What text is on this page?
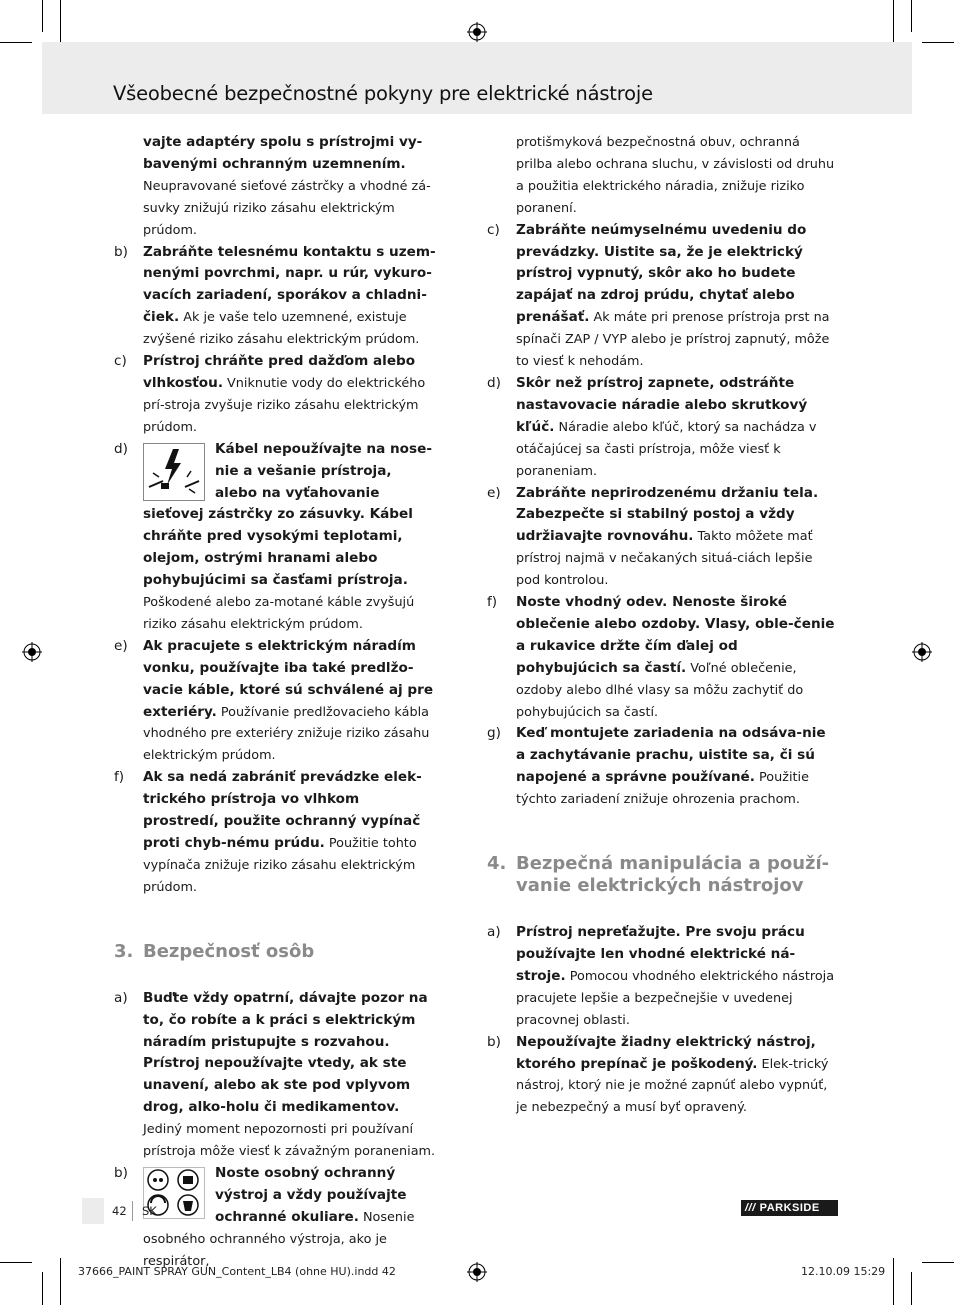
Všeobecné bezpečnostné pokyny pre elektrické nástroje
vajte adaptéry spolu s prístrojmi vy-bavenými ochranným uzemnením.
Neupravované sieťové zástrčky a vhodné zá-suvky znižujú riziko zásahu elektrickým prúdom.
b)	Zabráňte telesnému kontaktu s uzem-nenými povrchmi, napr. u rúr, vykuro-vacích zariadení, sporákov a chladni-čiek. Ak je vaše telo uzemnené, existuje zvýšené riziko zásahu elektrickým prúdom.
c)	Prístroj chráňte pred dažďom alebo vlhkosťou. Vniknutie vody do elektrického prí-stroja zvyšuje riziko zásahu elektrickým prúdom.
d)	Kábel nepoužívajte na nose-nie a vešanie prístroja, alebo na vyťahovanie sieťovej zástrčky zo zásuvky. Kábel chráňte pred vysokými teplotami, olejom, ostrými hranami alebo pohybujúcimi sa časťami prístroja. Poškodené alebo za-motané káble zvyšujú riziko zásahu elektrickým prúdom.
e)	Ak pracujete s elektrickým náradím vonku, používajte iba také predlžo-vacie káble, ktoré sú schválené aj pre exteriéry. Používanie predlžovacieho kábla vhodného pre exteriéry znižuje riziko zásahu elektrickým prúdom.
f)	Ak sa nedá zabrániť prevádzke elek-trického prístroja vo vlhkom prostredí, použite ochranný vypínač proti chyb-nému prúdu. Použitie tohto vypínača znižuje riziko zásahu elektrickým prúdom.
3. Bezpečnosť osôb
a)	Buďte vždy opatrní, dávajte pozor na to, čo robíte a k práci s elektrickým náradím pristupujte s rozvahou. Prístroj nepoužívajte vtedy, ak ste unavení, alebo ak ste pod vplyvom drog, alko-holu či medikamentov. Jediný moment nepozornosti pri používaní prístroja môže viesť k závažným poraneniam.
b)	Noste osobný ochranný výstroj a vždy používajte ochranné okuliare. Nosenie osobného ochranného výstroja, ako je respirátor,
protišmyková bezpečnostná obuv, ochranná prilba alebo ochrana sluchu, v závislosti od druhu a použitia elektrického náradia, znižuje riziko poranení.
c)	Zabráňte neúmyselnému uvedeniu do prevádzky. Uistite sa, že je elektrický prístroj vypnutý, skôr ako ho budete zapájať na zdroj prúdu, chytať alebo prenášať. Ak máte pri prenose prístroja prst na spínači ZAP / VYP alebo je prístroj zapnutý, môže to viesť k nehodám.
d)	Skôr než prístroj zapnete, odstráňte nastavovacie náradie alebo skrutkový kľúč. Náradie alebo kľúč, ktorý sa nachádza v otáčajúcej sa časti prístroja, môže viesť k poraneniam.
e)	Zabráňte neprirodzenému držaniu tela. Zabezpečte si stabilný postoj a vždy udržiavajte rovnováhu. Takto môžete mať prístroj najmä v nečakaných situá-ciách lepšie pod kontrolou.
f)	Noste vhodný odev. Nenoste široké oblečenie alebo ozdoby. Vlasy, oble-čenie a rukavice držte čím ďalej od pohybujúcich sa častí. Voľné oblečenie, ozdoby alebo dlhé vlasy sa môžu zachytiť do pohybujúcich sa častí.
g)	Keď montujete zariadenia na odsáva-nie a zachytávanie prachu, uistite sa, či sú napojené a správne používané. Použitie týchto zariadení znižuje ohrozenia prachom.
4. Bezpečná manipulácia a použí-vanie elektrických nástrojov
a)	Prístroj nepreťažujte. Pre svoju prácu používajte len vhodné elektrické ná-stroje. Pomocou vhodného elektrického nástroja pracujete lepšie a bezpečnejšie v uvedenej pracovnej oblasti.
b)	Nepoužívajte žiadny elektrický nástroj, ktorého prepínač je poškodený. Elek-trický nástroj, ktorý nie je možné zapnúť alebo vypnúť, je nebezpečný a musí byť opravený.
42 SK	/// PARKSIDE
37666_PAINT SPRAY GUN_Content_LB4 (ohne HU).indd 42	12.10.09 15:29
